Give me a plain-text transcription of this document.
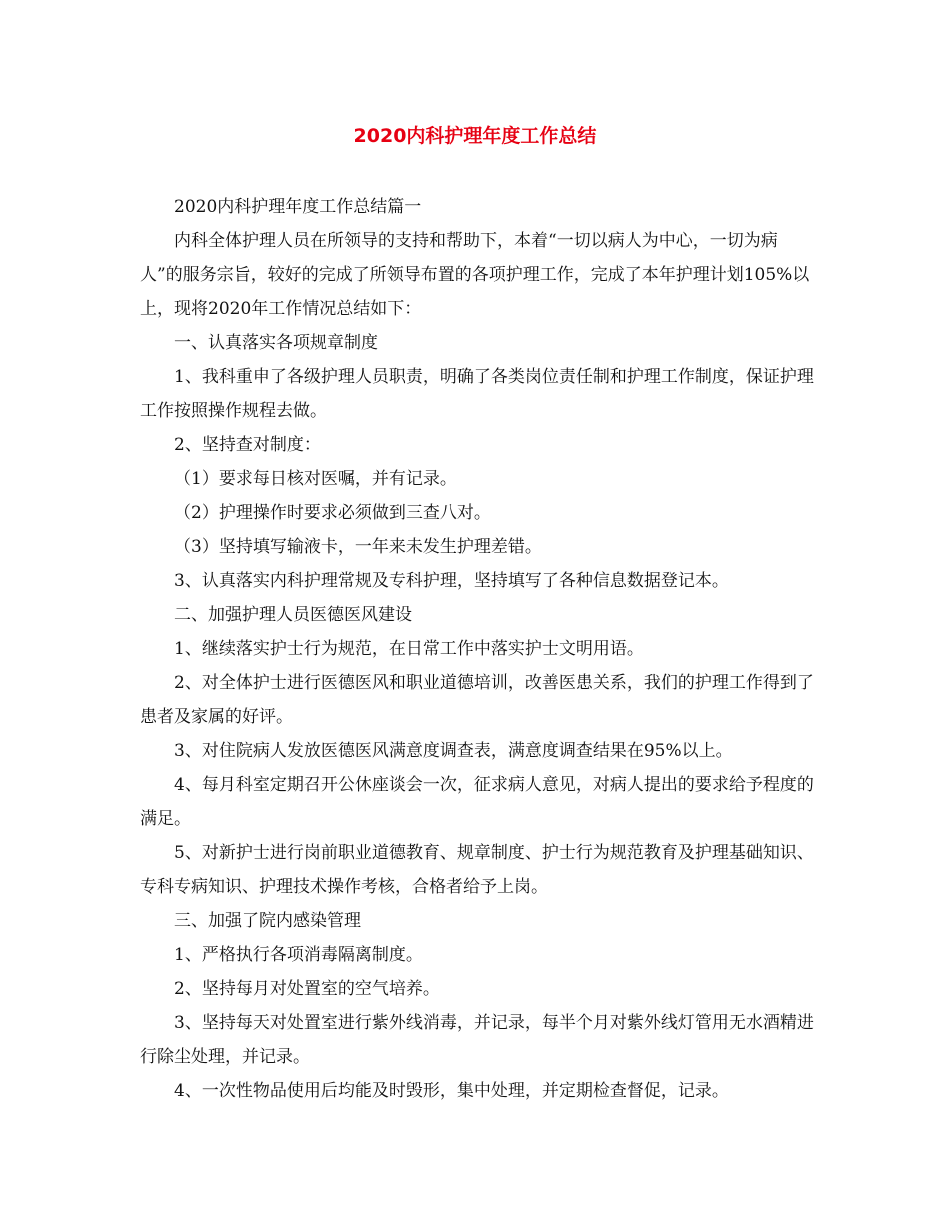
2020内科护理年度工作总结

2020内科护理年度工作总结篇一

内科全体护理人员在所领导的支持和帮助下，本着“一切以病人为中心，一切为病人”的服务宗旨，较好的完成了所领导布置的各项护理工作，完成了本年护理计划105%以上，现将2020年工作情况总结如下：

一、认真落实各项规章制度

1、我科重申了各级护理人员职责，明确了各类岗位责任制和护理工作制度，保证护理工作按照操作规程去做。

2、坚持查对制度：

（1）要求每日核对医嘱，并有记录。

（2）护理操作时要求必须做到三查八对。

（3）坚持填写输液卡，一年来未发生护理差错。

3、认真落实内科护理常规及专科护理，坚持填写了各种信息数据登记本。

二、加强护理人员医德医风建设

1、继续落实护士行为规范，在日常工作中落实护士文明用语。

2、对全体护士进行医德医风和职业道德培训，改善医患关系，我们的护理工作得到了患者及家属的好评。

3、对住院病人发放医德医风满意度调查表，满意度调查结果在95%以上。

4、每月科室定期召开公休座谈会一次，征求病人意见，对病人提出的要求给予程度的满足。

5、对新护士进行岗前职业道德教育、规章制度、护士行为规范教育及护理基础知识、专科专病知识、护理技术操作考核，合格者给予上岗。

三、加强了院内感染管理

1、严格执行各项消毒隔离制度。

2、坚持每月对处置室的空气培养。

3、坚持每天对处置室进行紫外线消毒，并记录，每半个月对紫外线灯管用无水酒精进行除尘处理，并记录。

4、一次性物品使用后均能及时毁形，集中处理，并定期检查督促，记录。
